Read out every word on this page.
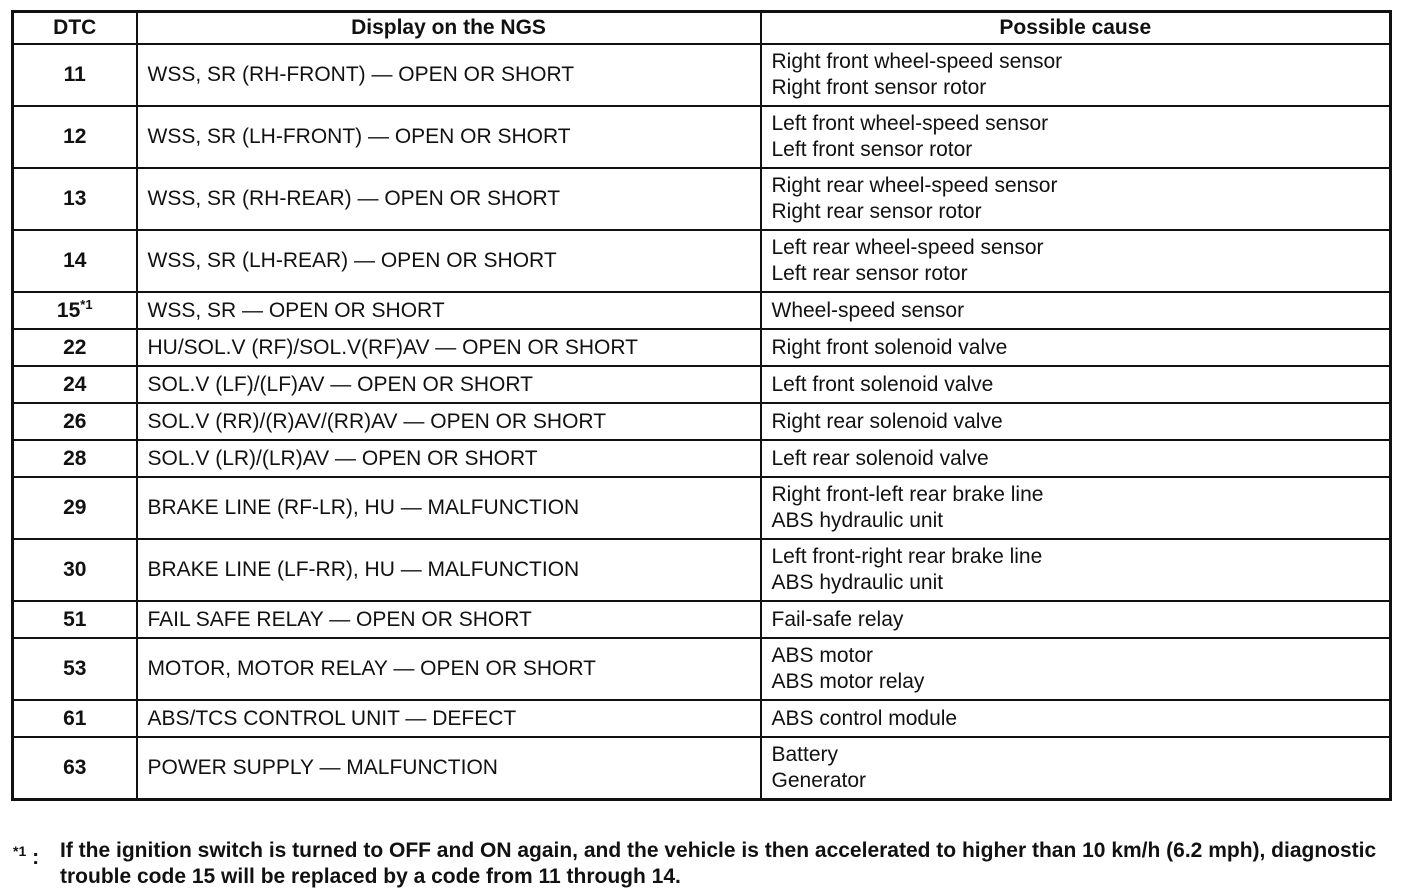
DTC	Display on the NGS	Possible cause
11	WSS, SR (RH-FRONT) — OPEN OR SHORT	Right front wheel-speed sensor
Right front sensor rotor

12	WSS, SR (LH-FRONT) — OPEN OR SHORT	Left front wheel-speed sensor
Left front sensor rotor

13	WSS, SR (RH-REAR) — OPEN OR SHORT	Right rear wheel-speed sensor
Right rear sensor rotor

14	WSS, SR (LH-REAR) — OPEN OR SHORT	Left rear wheel-speed sensor
Left rear sensor rotor

15$^{*1}$	WSS, SR — OPEN OR SHORT	Wheel-speed sensor

22	HU/SOL.V (RF)/SOL.V(RF)AV — OPEN OR SHORT	Right front solenoid valve

24	SOL.V (LF)/(LF)AV — OPEN OR SHORT	Left front solenoid valve

26	SOL.V (RR)/(R)AV/(RR)AV — OPEN OR SHORT	Right rear solenoid valve

28	SOL.V (LR)/(LR)AV — OPEN OR SHORT	Left rear solenoid valve

29	BRAKE LINE (RF-LR), HU — MALFUNCTION	Right front-left rear brake line
ABS hydraulic unit

30	BRAKE LINE (LF-RR), HU — MALFUNCTION	Left front-right rear brake line
ABS hydraulic unit

51	FAIL SAFE RELAY — OPEN OR SHORT	Fail-safe relay

53	MOTOR, MOTOR RELAY — OPEN OR SHORT	ABS motor
ABS motor relay

61	ABS/TCS CONTROL UNIT — DEFECT	ABS control module

63	POWER SUPPLY — MALFUNCTION	Battery
Generator
$^{*1}$ : If the ignition switch is turned to OFF and ON again, and the vehicle is then accelerated to higher than 10 km/h (6.2 mph), diagnostic trouble code 15 will be replaced by a code from 11 through 14.
